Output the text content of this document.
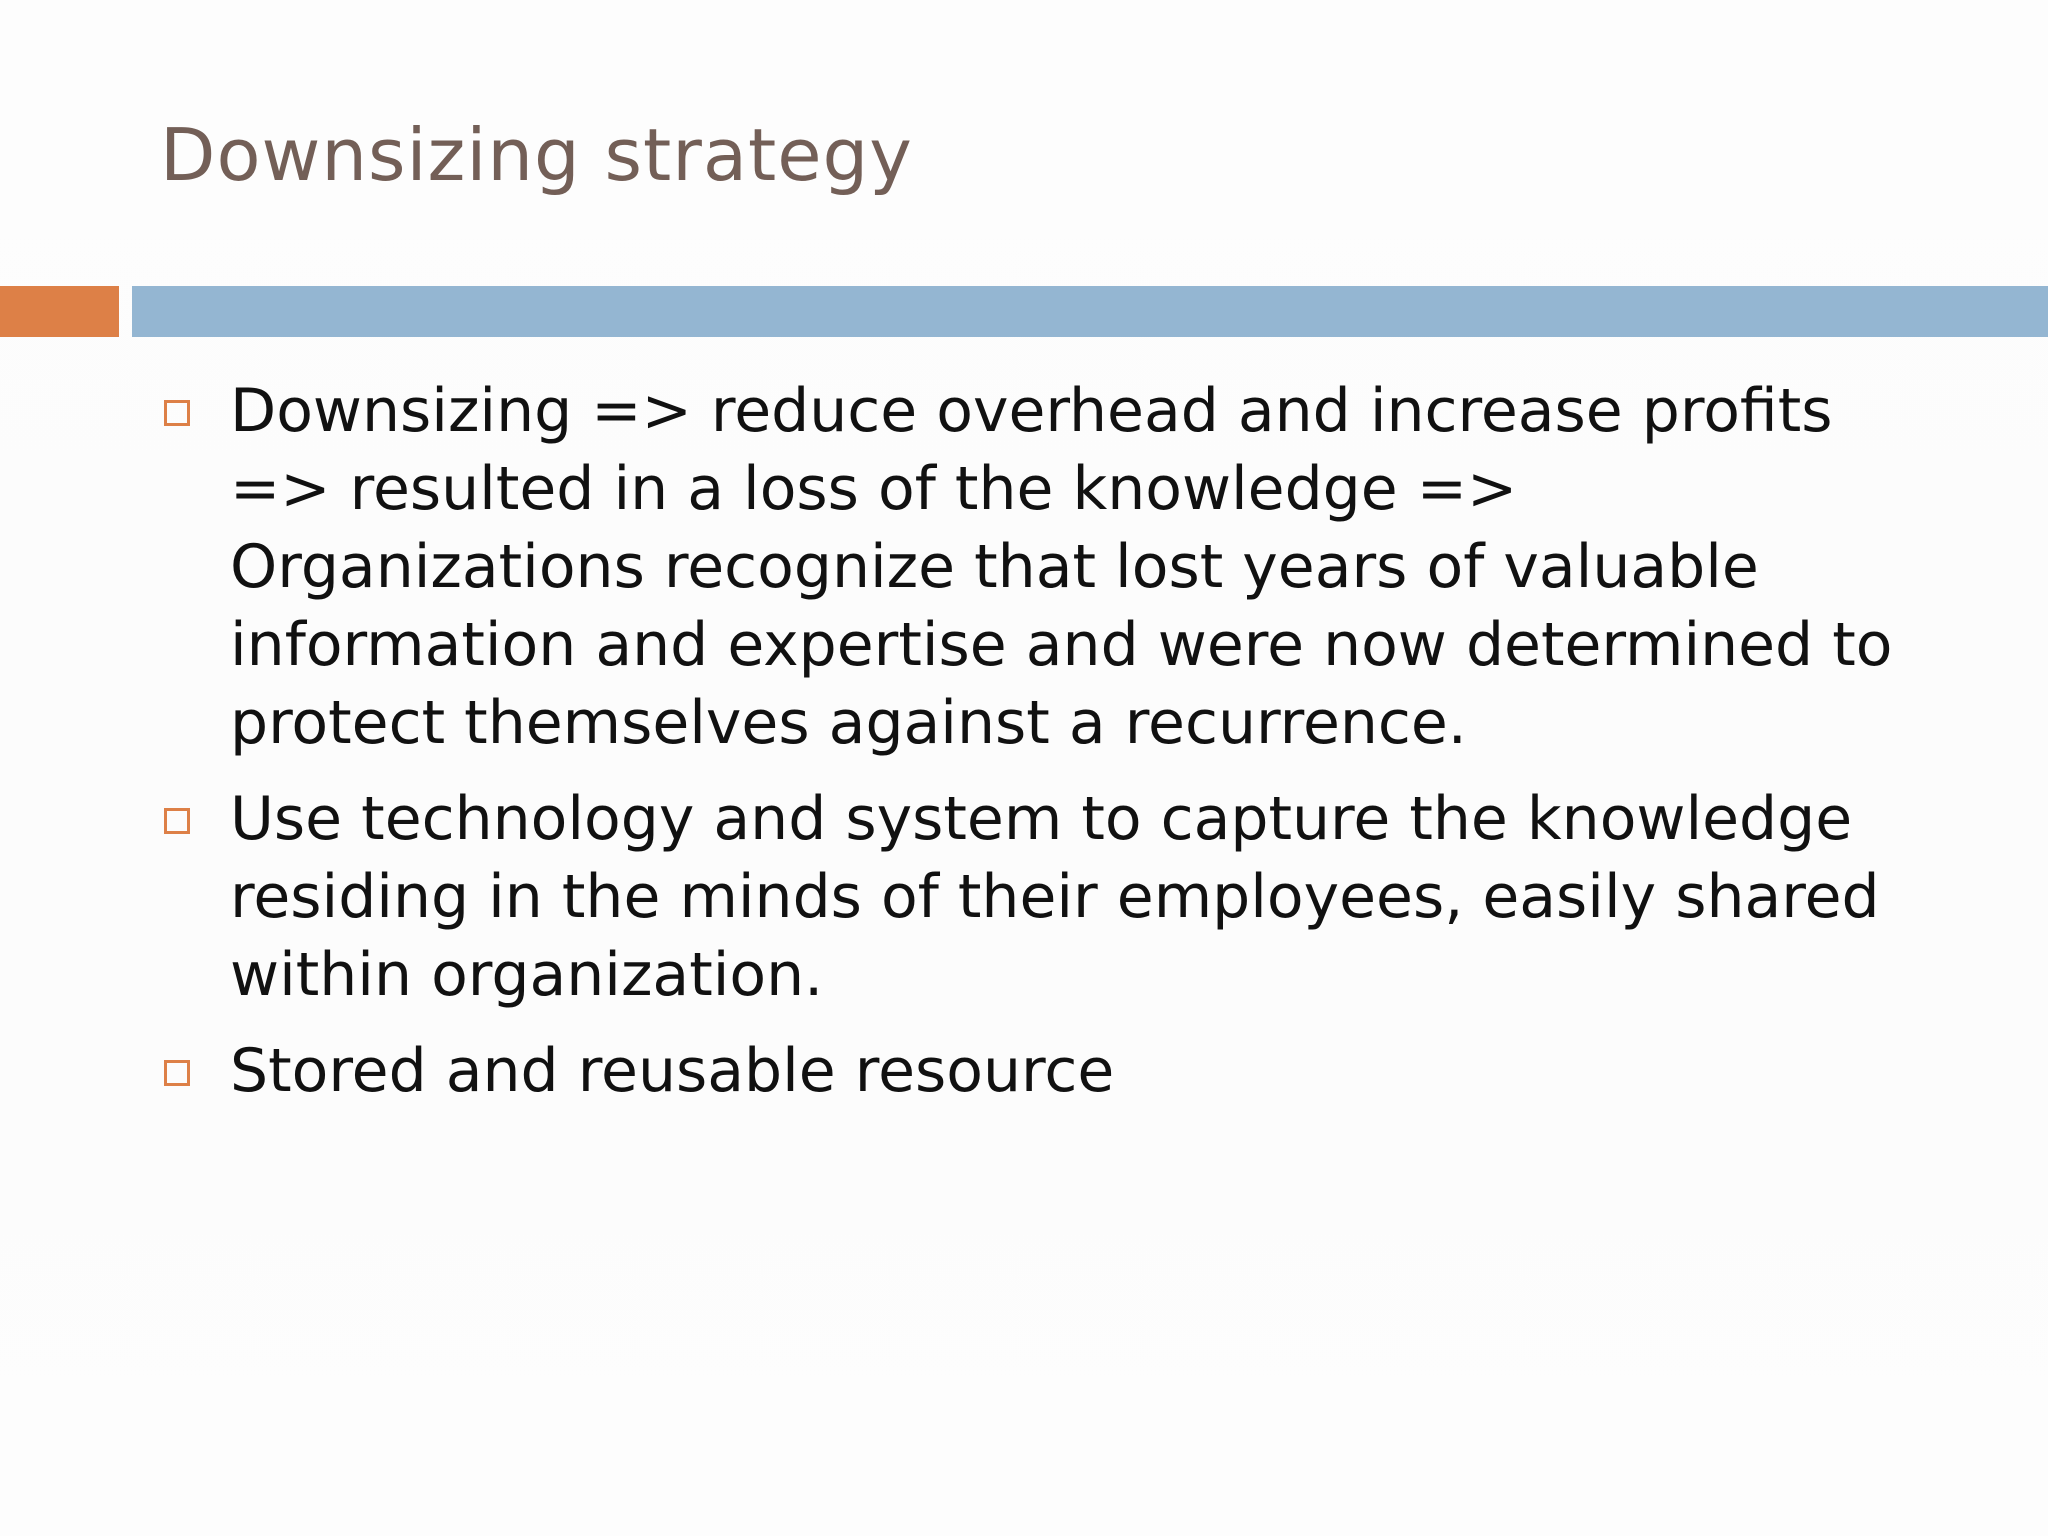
Downsizing strategy
Downsizing => reduce overhead and increase profits => resulted in a loss of the knowledge => Organizations recognize that lost years of valuable information and expertise and were now determined to protect themselves against a recurrence.
Use technology and system to capture the knowledge residing in the minds of their employees, easily shared within organization.
Stored and reusable resource
